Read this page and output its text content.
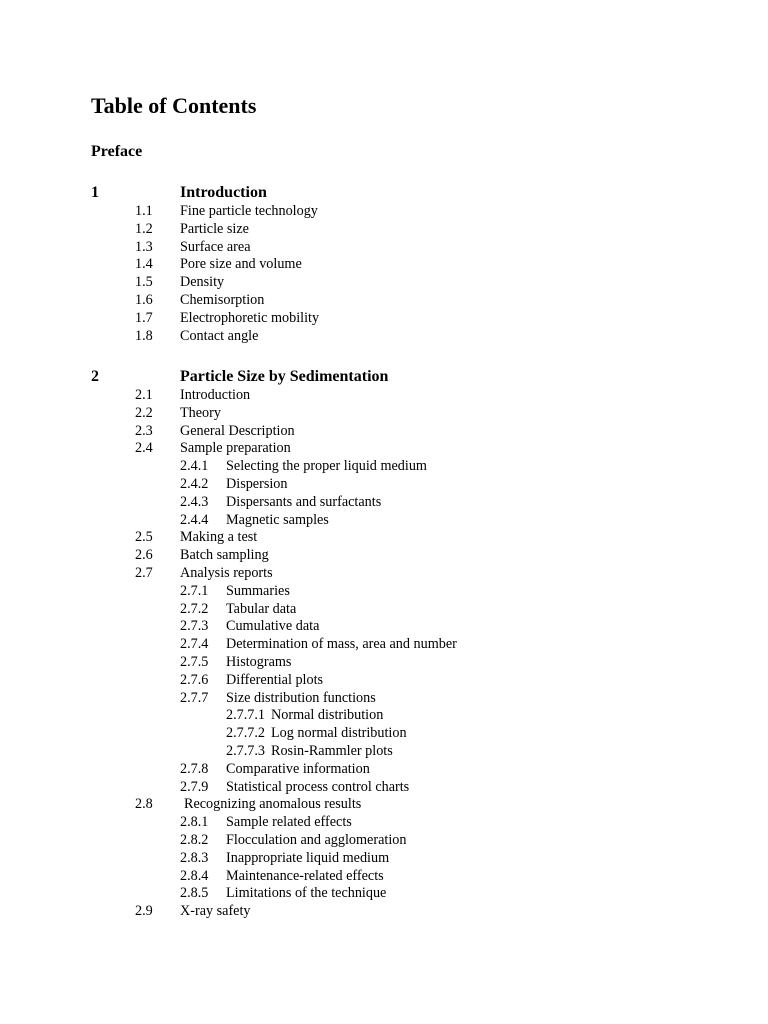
Table of Contents
Preface
1	Introduction
1.1 Fine particle technology
1.2 Particle size
1.3 Surface area
1.4 Pore size and volume
1.5 Density
1.6 Chemisorption
1.7 Electrophoretic mobility
1.8 Contact angle
2	Particle Size by Sedimentation
2.1 Introduction
2.2 Theory
2.3 General Description
2.4 Sample preparation
2.4.1 Selecting the proper liquid medium
2.4.2 Dispersion
2.4.3 Dispersants and surfactants
2.4.4 Magnetic samples
2.5 Making a test
2.6 Batch sampling
2.7 Analysis reports
2.7.1 Summaries
2.7.2 Tabular data
2.7.3 Cumulative data
2.7.4 Determination of mass, area and number
2.7.5 Histograms
2.7.6 Differential plots
2.7.7 Size distribution functions
2.7.7.1 Normal distribution
2.7.7.2 Log normal distribution
2.7.7.3 Rosin-Rammler plots
2.7.8 Comparative information
2.7.9 Statistical process control charts
2.8 Recognizing anomalous results
2.8.1 Sample related effects
2.8.2 Flocculation and agglomeration
2.8.3 Inappropriate liquid medium
2.8.4 Maintenance-related effects
2.8.5 Limitations of the technique
2.9 X-ray safety
